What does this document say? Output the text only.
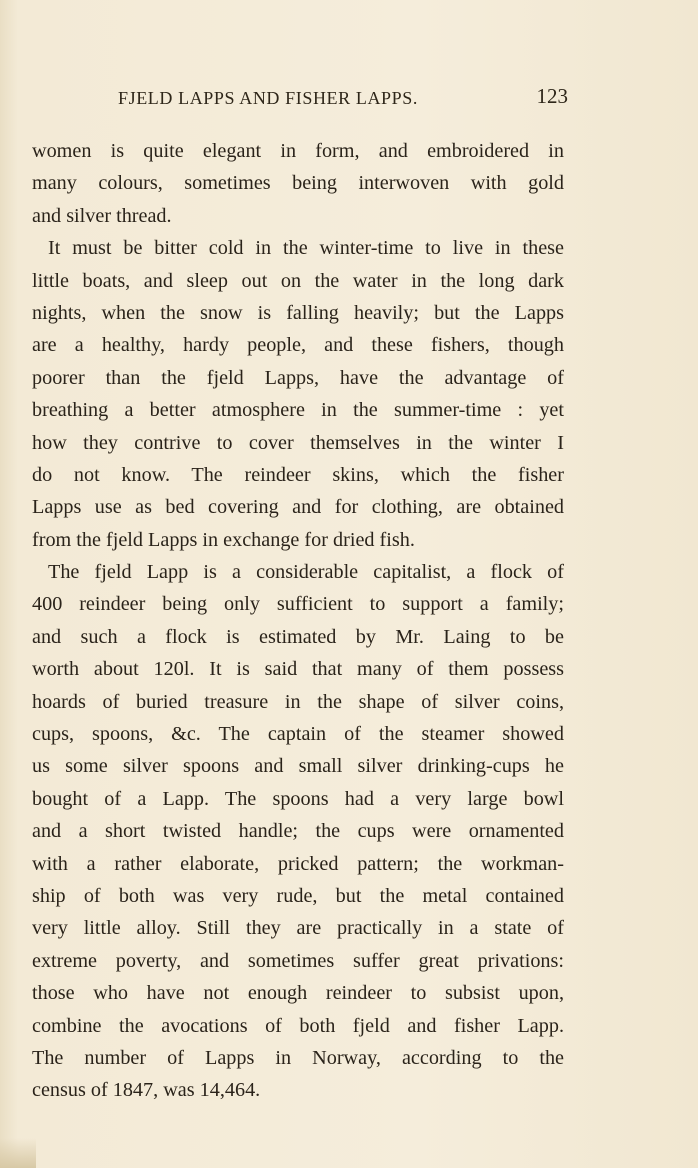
FJELD LAPPS AND FISHER LAPPS.	123
women is quite elegant in form, and embroidered in
many colours, sometimes being interwoven with gold
and silver thread.
It must be bitter cold in the winter-time to live in these
little boats, and sleep out on the water in the long dark
nights, when the snow is falling heavily; but the Lapps
are a healthy, hardy people, and these fishers, though
poorer than the fjeld Lapps, have the advantage of
breathing a better atmosphere in the summer-time : yet
how they contrive to cover themselves in the winter I
do not know. The reindeer skins, which the fisher
Lapps use as bed covering and for clothing, are obtained
from the fjeld Lapps in exchange for dried fish.
The fjeld Lapp is a considerable capitalist, a flock of
400 reindeer being only sufficient to support a family;
and such a flock is estimated by Mr. Laing to be
worth about 120l. It is said that many of them possess
hoards of buried treasure in the shape of silver coins,
cups, spoons, &c. The captain of the steamer showed
us some silver spoons and small silver drinking-cups he
bought of a Lapp. The spoons had a very large bowl
and a short twisted handle; the cups were ornamented
with a rather elaborate, pricked pattern; the workman-
ship of both was very rude, but the metal contained
very little alloy. Still they are practically in a state of
extreme poverty, and sometimes suffer great privations:
those who have not enough reindeer to subsist upon,
combine the avocations of both fjeld and fisher Lapp.
The number of Lapps in Norway, according to the
census of 1847, was 14,464.
